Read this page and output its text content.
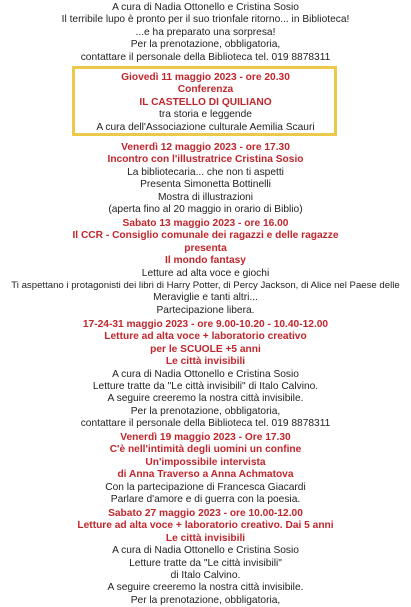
A cura di Nadia Ottonello e Cristina Sosio
Il terribile lupo è pronto per il suo trionfale ritorno... in Biblioteca!
...e ha preparato una sorpresa!
Per la prenotazione, obbligatoria,
contattare il personale della Biblioteca tel. 019 8878311
Giovedì 11 maggio 2023 - ore 20.30
Conferenza
IL CASTELLO DI QUILIANO
tra storia e leggende
A cura dell'Associazione culturale Aemilia Scauri
Venerdì 12 maggio 2023 - ore 17.30
Incontro con l'illustratrice Cristina Sosio
La bibliotecaria... che non ti aspetti
Presenta Simonetta Bottinelli
Mostra di illustrazioni
(aperta fino al 20 maggio in orario di Biblio)
Sabato 13 maggio 2023 - ore 16.00
Il CCR - Consiglio comunale dei ragazzi e delle ragazze
presenta
Il mondo fantasy
Letture ad alta voce e giochi
Ti aspettano i protagonisti dei libri di Harry Potter, di Percy Jackson, di Alice nel Paese delle
Meraviglie e tanti altri...
Partecipazione libera.
17-24-31 maggio 2023 - ore 9.00-10.20 - 10.40-12.00
Letture ad alta voce + laboratorio creativo
per le SCUOLE +5 anni
Le città invisibili
A cura di Nadia Ottonello e Cristina Sosio
Letture tratte da "Le città invisibili" di Italo Calvino.
A seguire creeremo la nostra città invisibile.
Per la prenotazione, obbligatoria,
contattare il personale della Biblioteca tel. 019 8878311
Venerdì 19 maggio 2023 - Ore 17.30
C'è nell'intimità degli uomini un confine
Un'impossibile intervista
di Anna Traverso a Anna Achmatova
Con la partecipazione di Francesca Giacardi
Parlare d'amore e di guerra con la poesia.
Sabato 27 maggio 2023 - ore 10.00-12.00
Letture ad alta voce + laboratorio creativo. Dai 5 anni
Le città invisibili
A cura di Nadia Ottonello e Cristina Sosio
Letture tratte da "Le città invisibili"
di Italo Calvino.
A seguire creeremo la nostra città invisibile.
Per la prenotazione, obbligatoria,
